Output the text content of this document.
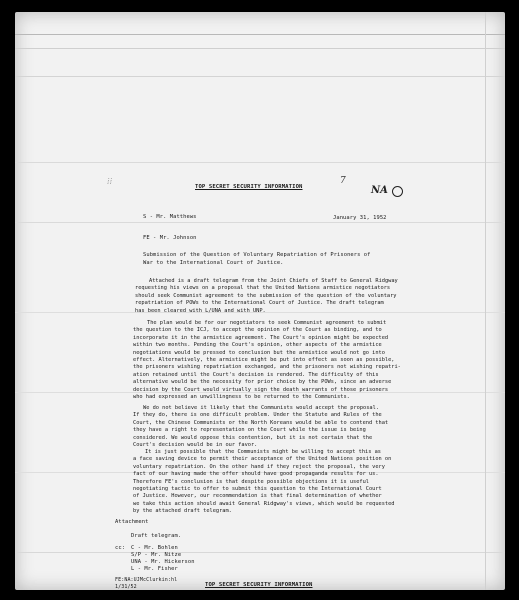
TOP SECRET SECURITY INFORMATION
7
NA
S - Mr. Matthews	January 31, 1952
FE - Mr. Johnson
Submission of the Question of Voluntary Repatriation of Prisoners of
War to the International Court of Justice.
Attached is a draft telegram from the Joint Chiefs of Staff to General Ridgway
requesting his views on a proposal that the United Nations armistice negotiators
should seek Communist agreement to the submission of the question of the voluntary
repatriation of POWs to the International Court of Justice. The draft telegram
has been cleared with L/UNA and with UNP.
The plan would be for our negotiators to seek Communist agreement to submit
the question to the ICJ, to accept the opinion of the Court as binding, and to
incorporate it in the armistice agreement. The Court's opinion might be expected
within two months. Pending the Court's opinion, other aspects of the armistice
negotiations would be pressed to conclusion but the armistice would not go into
effect. Alternatively, the armistice might be put into effect as soon as possible,
the prisoners wishing repatriation exchanged, and the prisoners not wishing repatri-
ation retained until the Court's decision is rendered. The difficulty of this
alternative would be the necessity for prior choice by the POWs, since an adverse
decision by the Court would virtually sign the death warrants of those prisoners
who had expressed an unwillingness to be returned to the Communists.
We do not believe it likely that the Communists would accept the proposal.
If they do, there is one difficult problem. Under the Statute and Rules of the
Court, the Chinese Communists or the North Koreans would be able to contend that
they have a right to representation on the Court while the issue is being
considered. We would oppose this contention, but it is not certain that the
Court's decision would be in our favor.
It is just possible that the Communists might be willing to accept this as
a face saving device to permit their acceptance of the United Nations position on
voluntary repatriation. On the other hand if they reject the proposal, the very
fact of our having made the offer should have good propaganda results for us.
Therefore FE's conclusion is that despite possible objections it is useful
negotiating tactic to offer to submit this question to the International Court
of Justice. However, our recommendation is that final determination of whether
we take this action should await General Ridgway's views, which would be requested
by the attached draft telegram.
Attachment
Draft telegram.
cc: C - Mr. Bohlen
S/P - Mr. Nitze
UNA - Mr. Hickerson
L - Mr. Fisher
FE:NA:UJMcClurkin:hl
1/31/52	TOP SECRET SECURITY INFORMATION
⁞⁞
